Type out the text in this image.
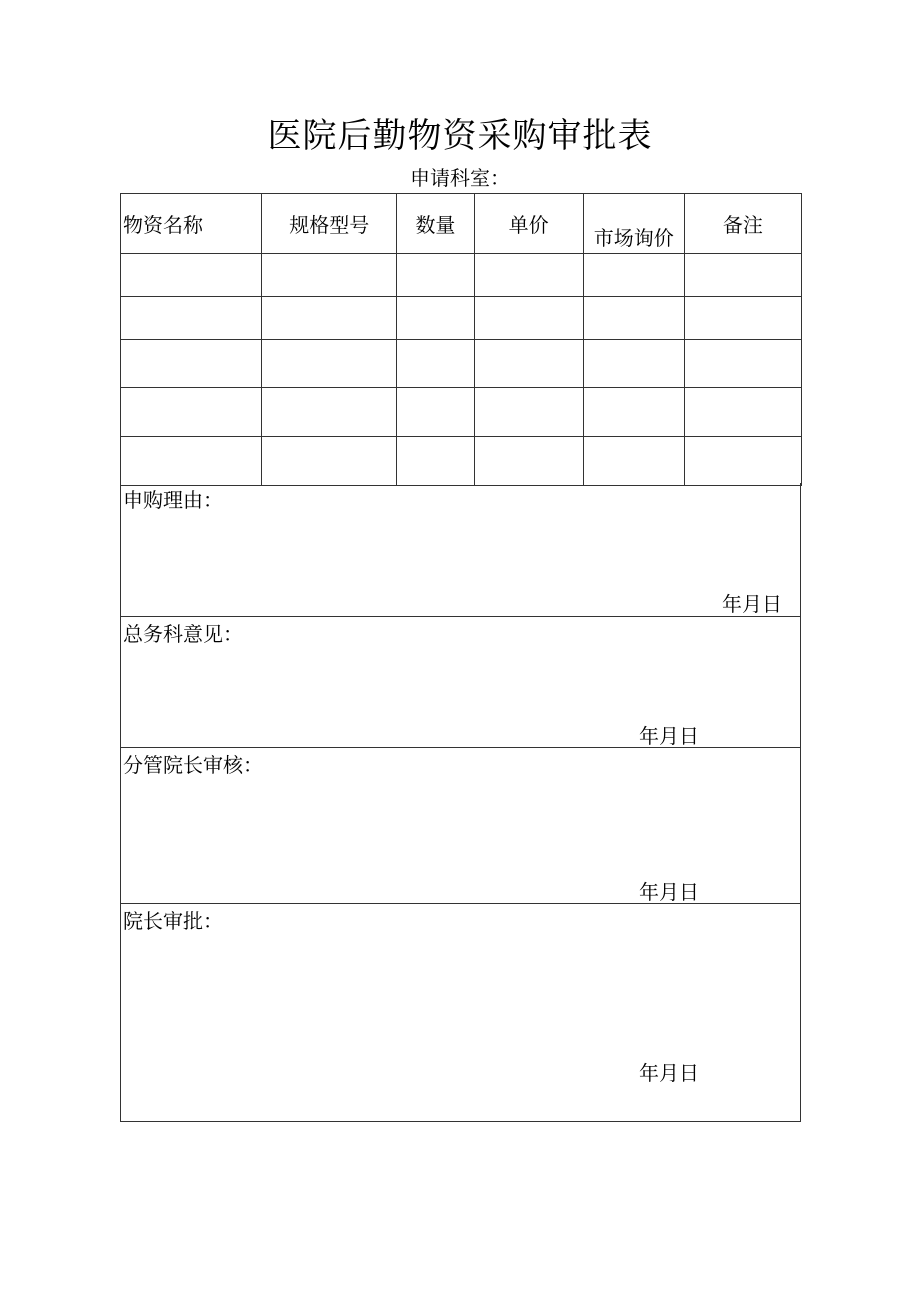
医院后勤物资采购审批表
申请科室：
物资名称	规格型号	数量	单价	市场询价	备注

申购理由：
年月日
总务科意见：
年月日
分管院长审核：
年月日
院长审批：
年月日
